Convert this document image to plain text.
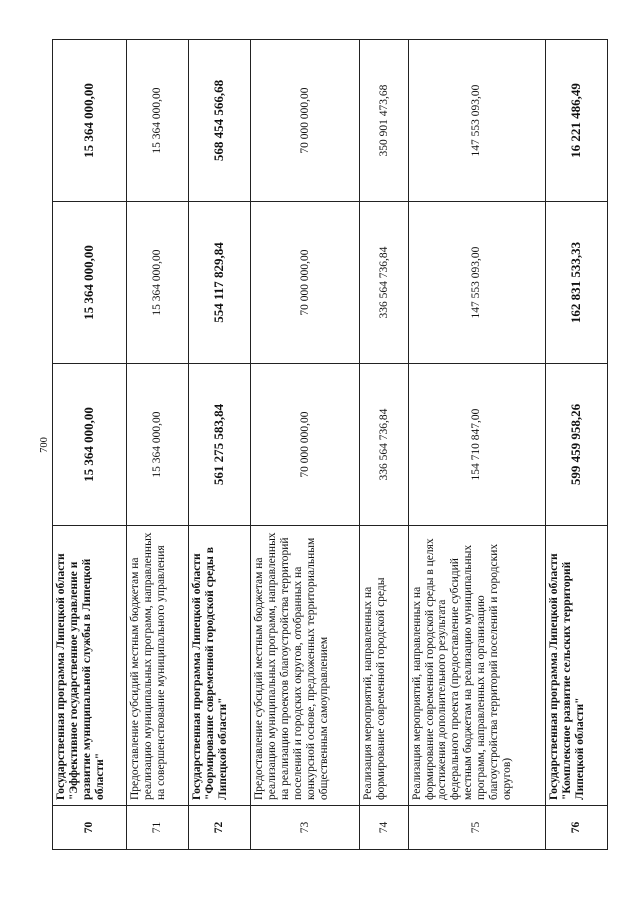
700
70	Государственная программа Липецкой области "Эффективное государственное управление и развитие муниципальной службы в Липецкой области"	15 364 000,00	15 364 000,00	15 364 000,00
71	Предоставление субсидий местным бюджетам на реализацию муниципальных программ, направленных на совершенствование муниципального управления	15 364 000,00	15 364 000,00	15 364 000,00
72	Государственная программа Липецкой области "Формирование современной городской среды в Липецкой области"	561 275 583,84	554 117 829,84	568 454 566,68
73	Предоставление субсидий местным бюджетам на реализацию муниципальных программ, направленных на реализацию проектов благоустройства территорий поселений и городских округов, отобранных на конкурсной основе, предложенных территориальным общественным самоуправлением	70 000 000,00	70 000 000,00	70 000 000,00
74	Реализация мероприятий, направленных на формирование современной городской среды	336 564 736,84	336 564 736,84	350 901 473,68
75	Реализация мероприятий, направленных на формирование современной городской среды в целях достижения дополнительного результата федерального проекта (предоставление субсидий местным бюджетам на реализацию муниципальных программ, направленных на организацию благоустройства территорий поселений и городских округов)	154 710 847,00	147 553 093,00	147 553 093,00
76	Государственная программа Липецкой области "Комплексное развитие сельских территорий Липецкой области"	599 459 958,26	162 831 533,33	16 221 486,49
